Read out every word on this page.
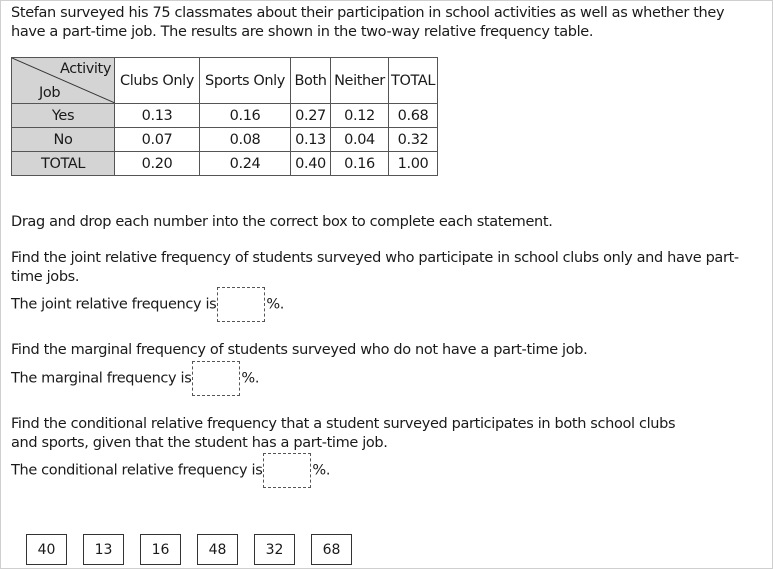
Stefan surveyed his 75 classmates about their participation in school activities as well as whether they have a part-time job. The results are shown in the two-way relative frequency table.

Activity
Job	Clubs Only	Sports Only	Both	Neither	TOTAL
Yes	0.13	0.16	0.27	0.12	0.68
No	0.07	0.08	0.13	0.04	0.32
TOTAL	0.20	0.24	0.40	0.16	1.00

Drag and drop each number into the correct box to complete each statement.

Find the joint relative frequency of students surveyed who participate in school clubs only and have part-time jobs.

The joint relative frequency is	%.

Find the marginal frequency of students surveyed who do not have a part-time job.

The marginal frequency is	%.

Find the conditional relative frequency that a student surveyed participates in both school clubs and sports, given that the student has a part-time job.

The conditional relative frequency is	%.

40	13	16	48	32	68
